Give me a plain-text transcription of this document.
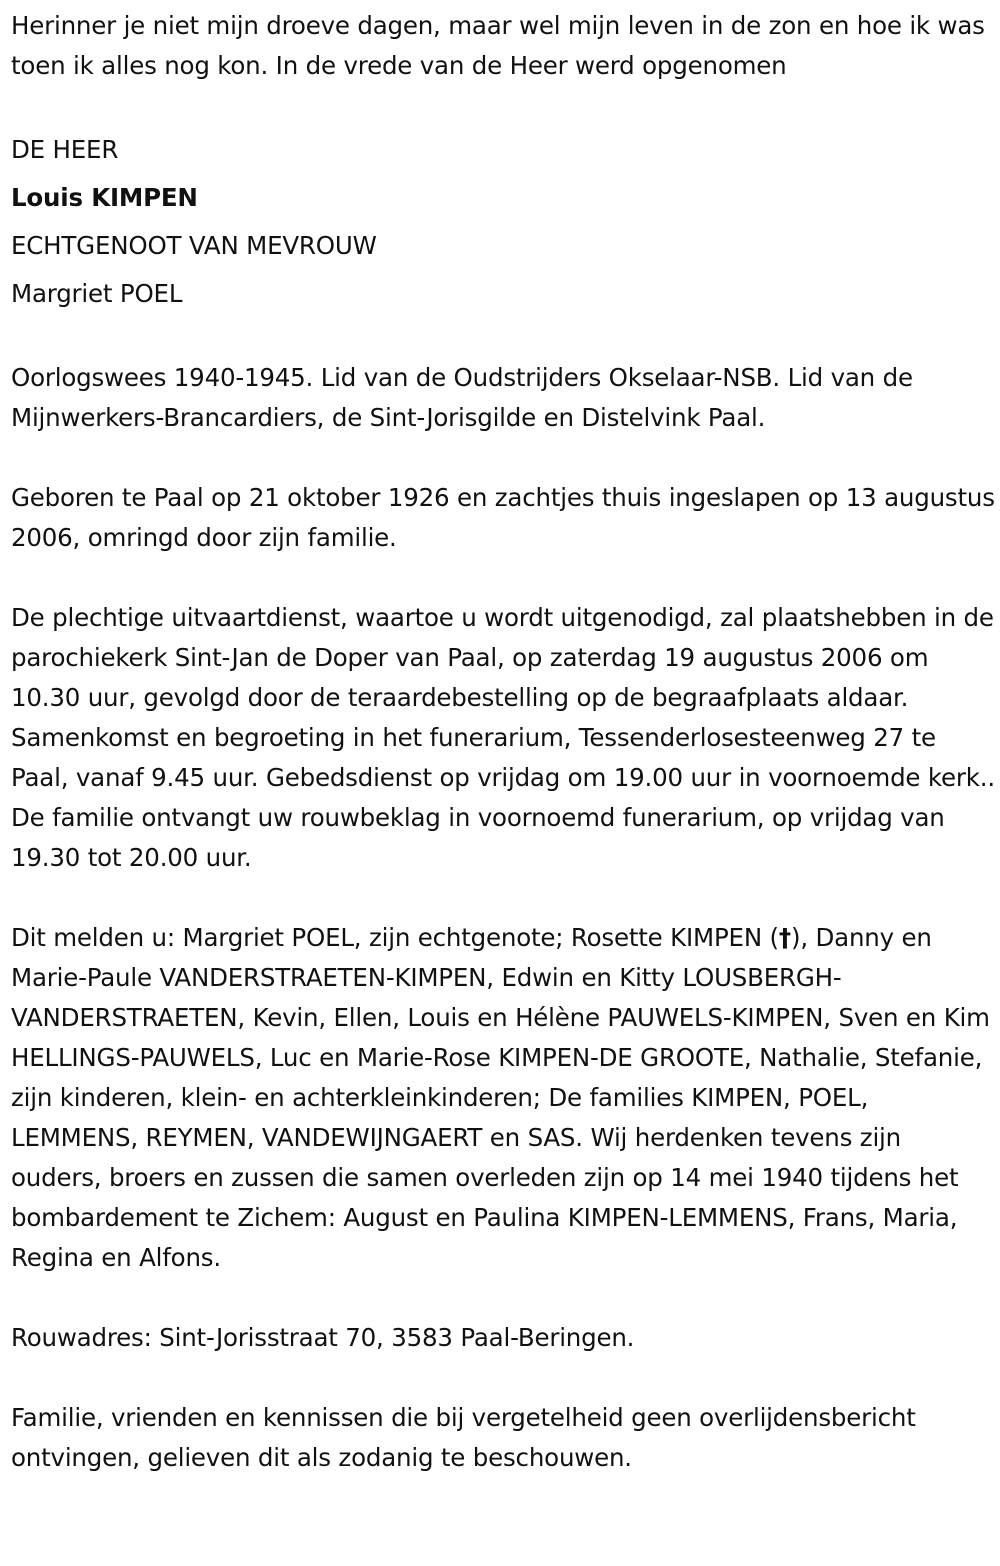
Herinner je niet mijn droeve dagen, maar wel mijn leven in de zon en hoe ik was toen ik alles nog kon. In de vrede van de Heer werd opgenomen

DE HEER

Louis KIMPEN

ECHTGENOOT VAN MEVROUW

Margriet POEL

Oorlogswees 1940-1945. Lid van de Oudstrijders Okselaar-NSB. Lid van de Mijnwerkers-Brancardiers, de Sint-Jorisgilde en Distelvink Paal.

Geboren te Paal op 21 oktober 1926 en zachtjes thuis ingeslapen op 13 augustus 2006, omringd door zijn familie.

De plechtige uitvaartdienst, waartoe u wordt uitgenodigd, zal plaatshebben in de parochiekerk Sint-Jan de Doper van Paal, op zaterdag 19 augustus 2006 om 10.30 uur, gevolgd door de teraardebestelling op de begraafplaats aldaar. Samenkomst en begroeting in het funerarium, Tessenderlosesteenweg 27 te Paal, vanaf 9.45 uur. Gebedsdienst op vrijdag om 19.00 uur in voornoemde kerk.. De familie ontvangt uw rouwbeklag in voornoemd funerarium, op vrijdag van 19.30 tot 20.00 uur.

Dit melden u: Margriet POEL, zijn echtgenote; Rosette KIMPEN (†), Danny en Marie-Paule VANDERSTRAETEN-KIMPEN, Edwin en Kitty LOUSBERGH-VANDERSTRAETEN, Kevin, Ellen, Louis en Hélène PAUWELS-KIMPEN, Sven en Kim HELLINGS-PAUWELS, Luc en Marie-Rose KIMPEN-DE GROOTE, Nathalie, Stefanie, zijn kinderen, klein- en achterkleinkinderen; De families KIMPEN, POEL, LEMMENS, REYMEN, VANDEWIJNGAERT en SAS. Wij herdenken tevens zijn ouders, broers en zussen die samen overleden zijn op 14 mei 1940 tijdens het bombardement te Zichem: August en Paulina KIMPEN-LEMMENS, Frans, Maria, Regina en Alfons.

Rouwadres: Sint-Jorisstraat 70, 3583 Paal-Beringen.

Familie, vrienden en kennissen die bij vergetelheid geen overlijdensbericht ontvingen, gelieven dit als zodanig te beschouwen.
